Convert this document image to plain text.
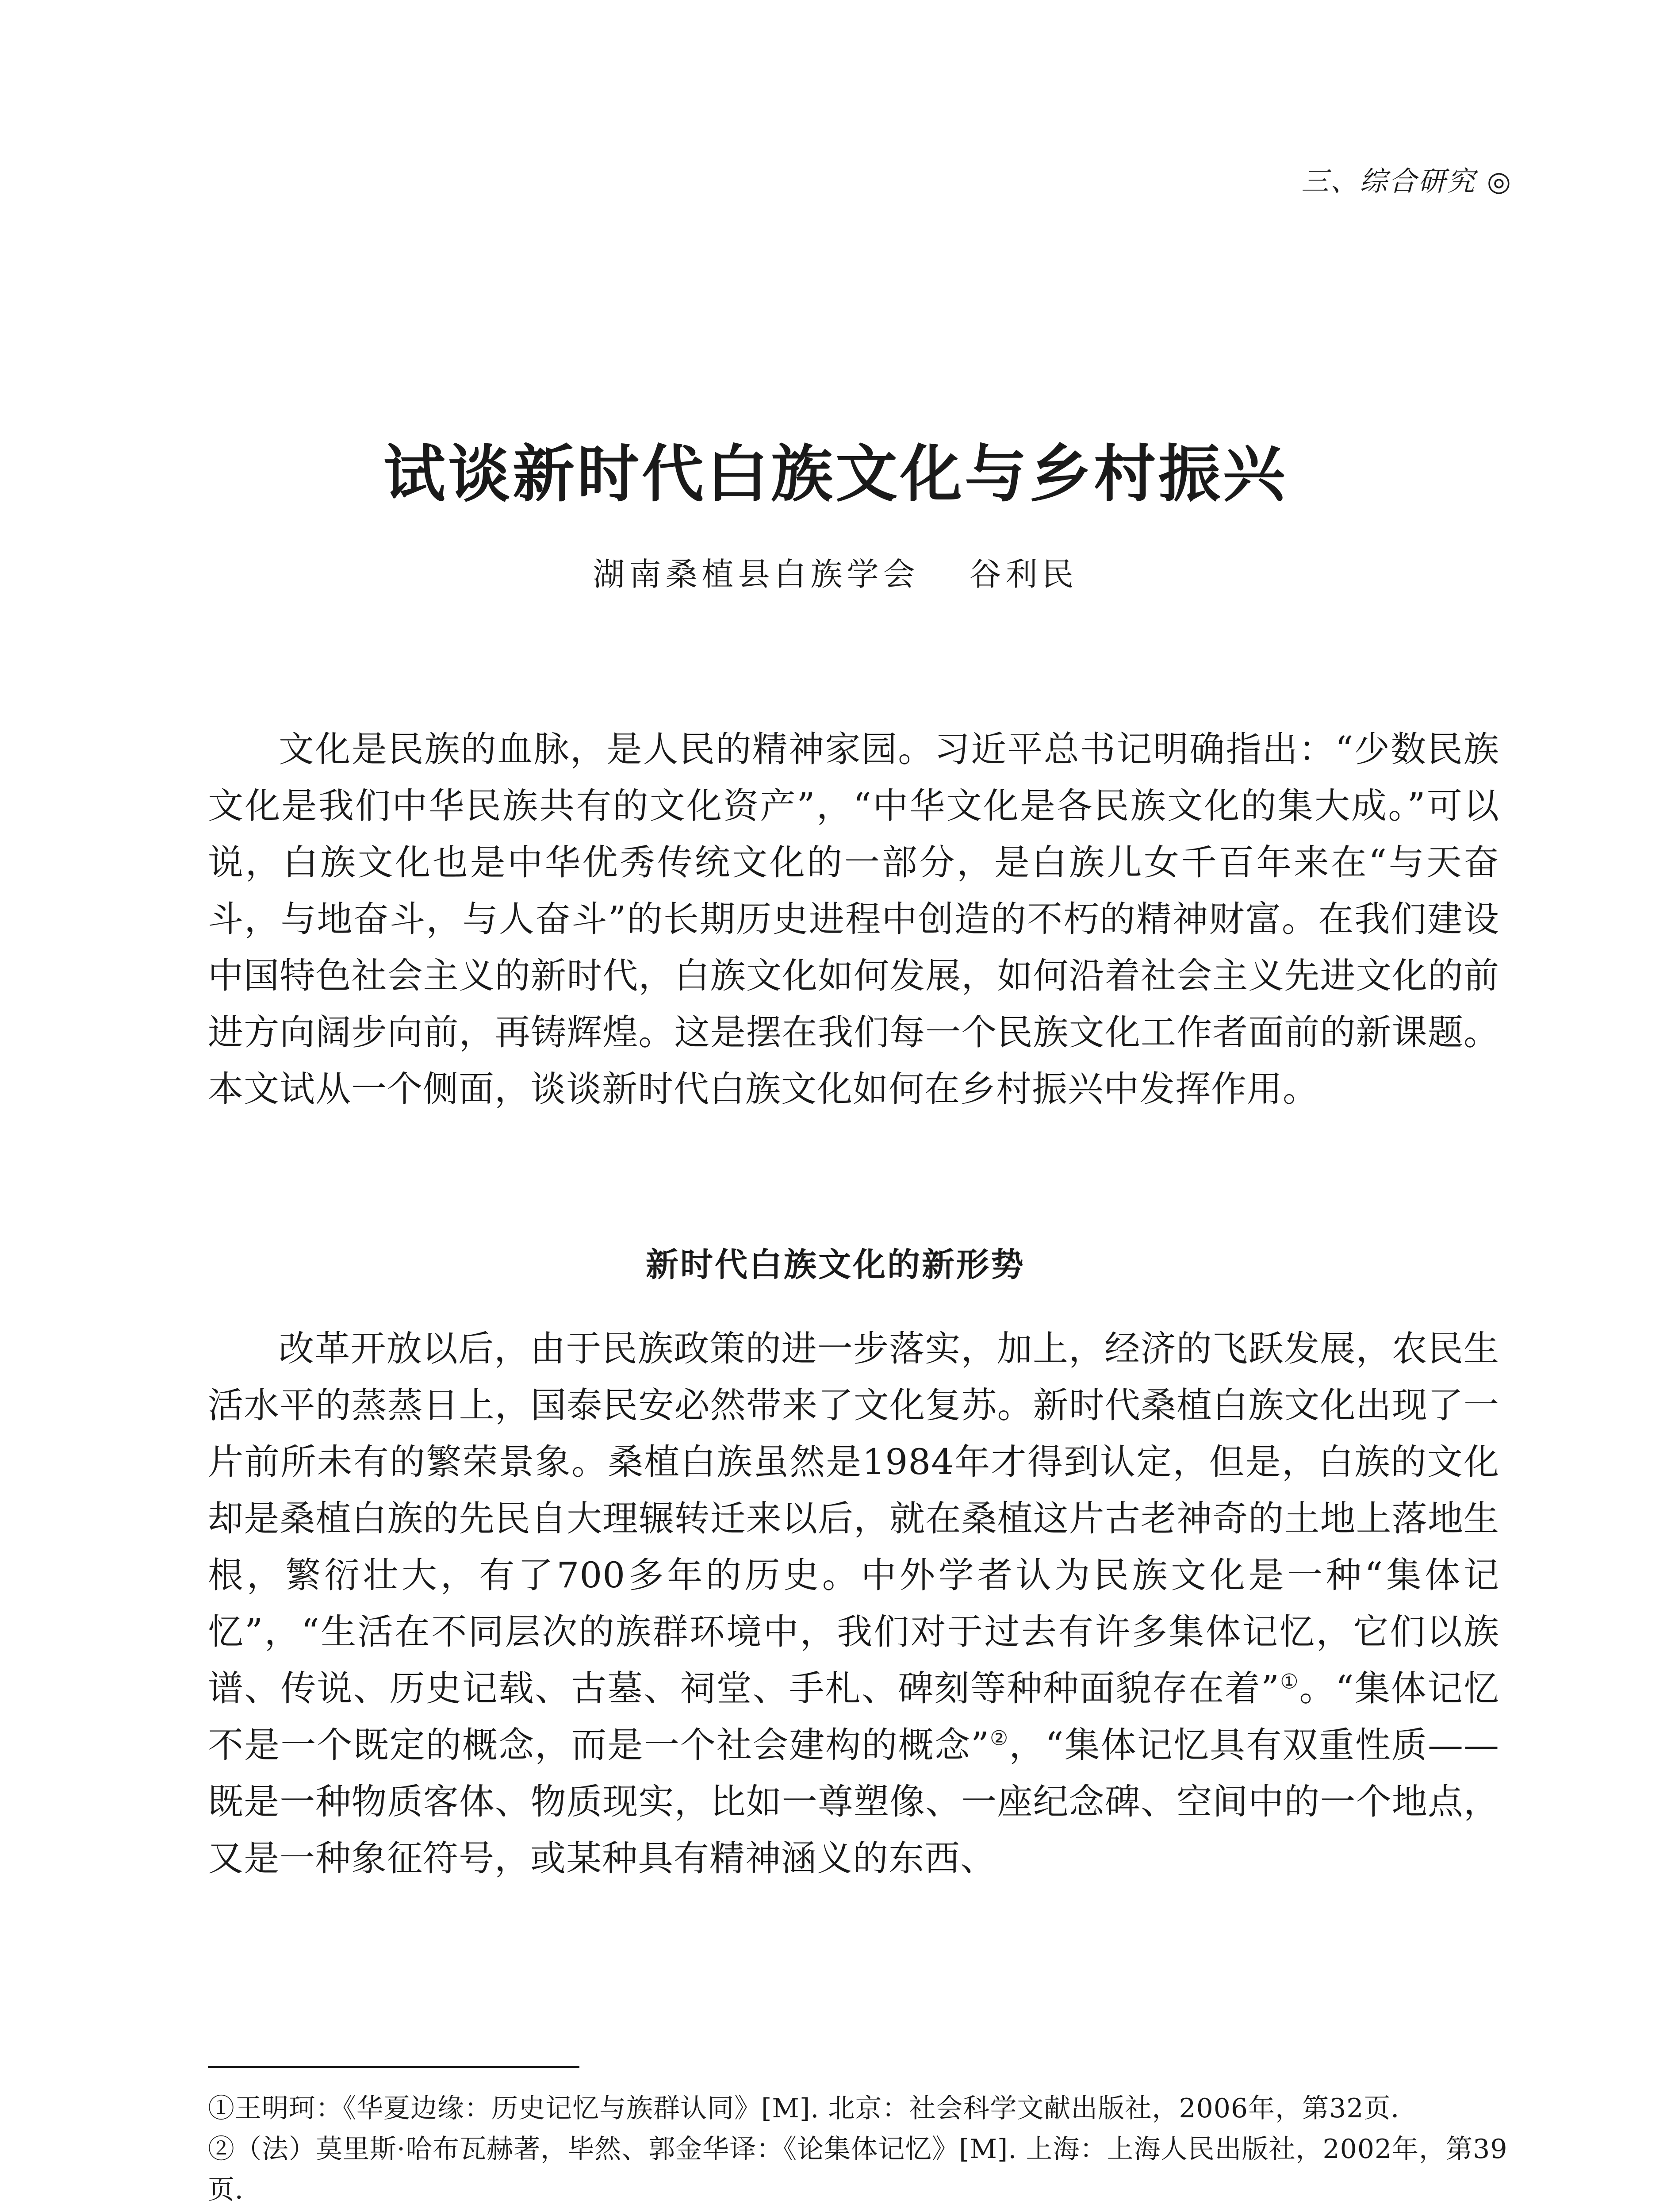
三、综合研究 ◎
试谈新时代白族文化与乡村振兴
湖南桑植县白族学会 谷利民

文化是民族的血脉，是人民的精神家园。习近平总书记明确指出：“少数民族文化是我们中华民族共有的文化资产”，“中华文化是各民族文化的集大成。”可以说，白族文化也是中华优秀传统文化的一部分，是白族儿女千百年来在“与天奋斗，与地奋斗，与人奋斗”的长期历史进程中创造的不朽的精神财富。在我们建设中国特色社会主义的新时代，白族文化如何发展，如何沿着社会主义先进文化的前进方向阔步向前，再铸辉煌。这是摆在我们每一个民族文化工作者面前的新课题。本文试从一个侧面，谈谈新时代白族文化如何在乡村振兴中发挥作用。

新时代白族文化的新形势

改革开放以后，由于民族政策的进一步落实，加上，经济的飞跃发展，农民生活水平的蒸蒸日上，国泰民安必然带来了文化复苏。新时代桑植白族文化出现了一片前所未有的繁荣景象。桑植白族虽然是1984年才得到认定，但是，白族的文化却是桑植白族的先民自大理辗转迁来以后，就在桑植这片古老神奇的土地上落地生根，繁衍壮大，有了700多年的历史。中外学者认为民族文化是一种“集体记忆”，“生活在不同层次的族群环境中，我们对于过去有许多集体记忆，它们以族谱、传说、历史记载、古墓、祠堂、手札、碑刻等种种面貌存在着”①。“集体记忆不是一个既定的概念，而是一个社会建构的概念”②，“集体记忆具有双重性质——既是一种物质客体、物质现实，比如一尊塑像、一座纪念碑、空间中的一个地点，又是一种象征符号，或某种具有精神涵义的东西、

①王明珂：《华夏边缘：历史记忆与族群认同》[M]. 北京：社会科学文献出版社，2006年，第32页．
②（法）莫里斯·哈布瓦赫著，毕然、郭金华译：《论集体记忆》[M]. 上海：上海人民出版社，2002年，第39页．
